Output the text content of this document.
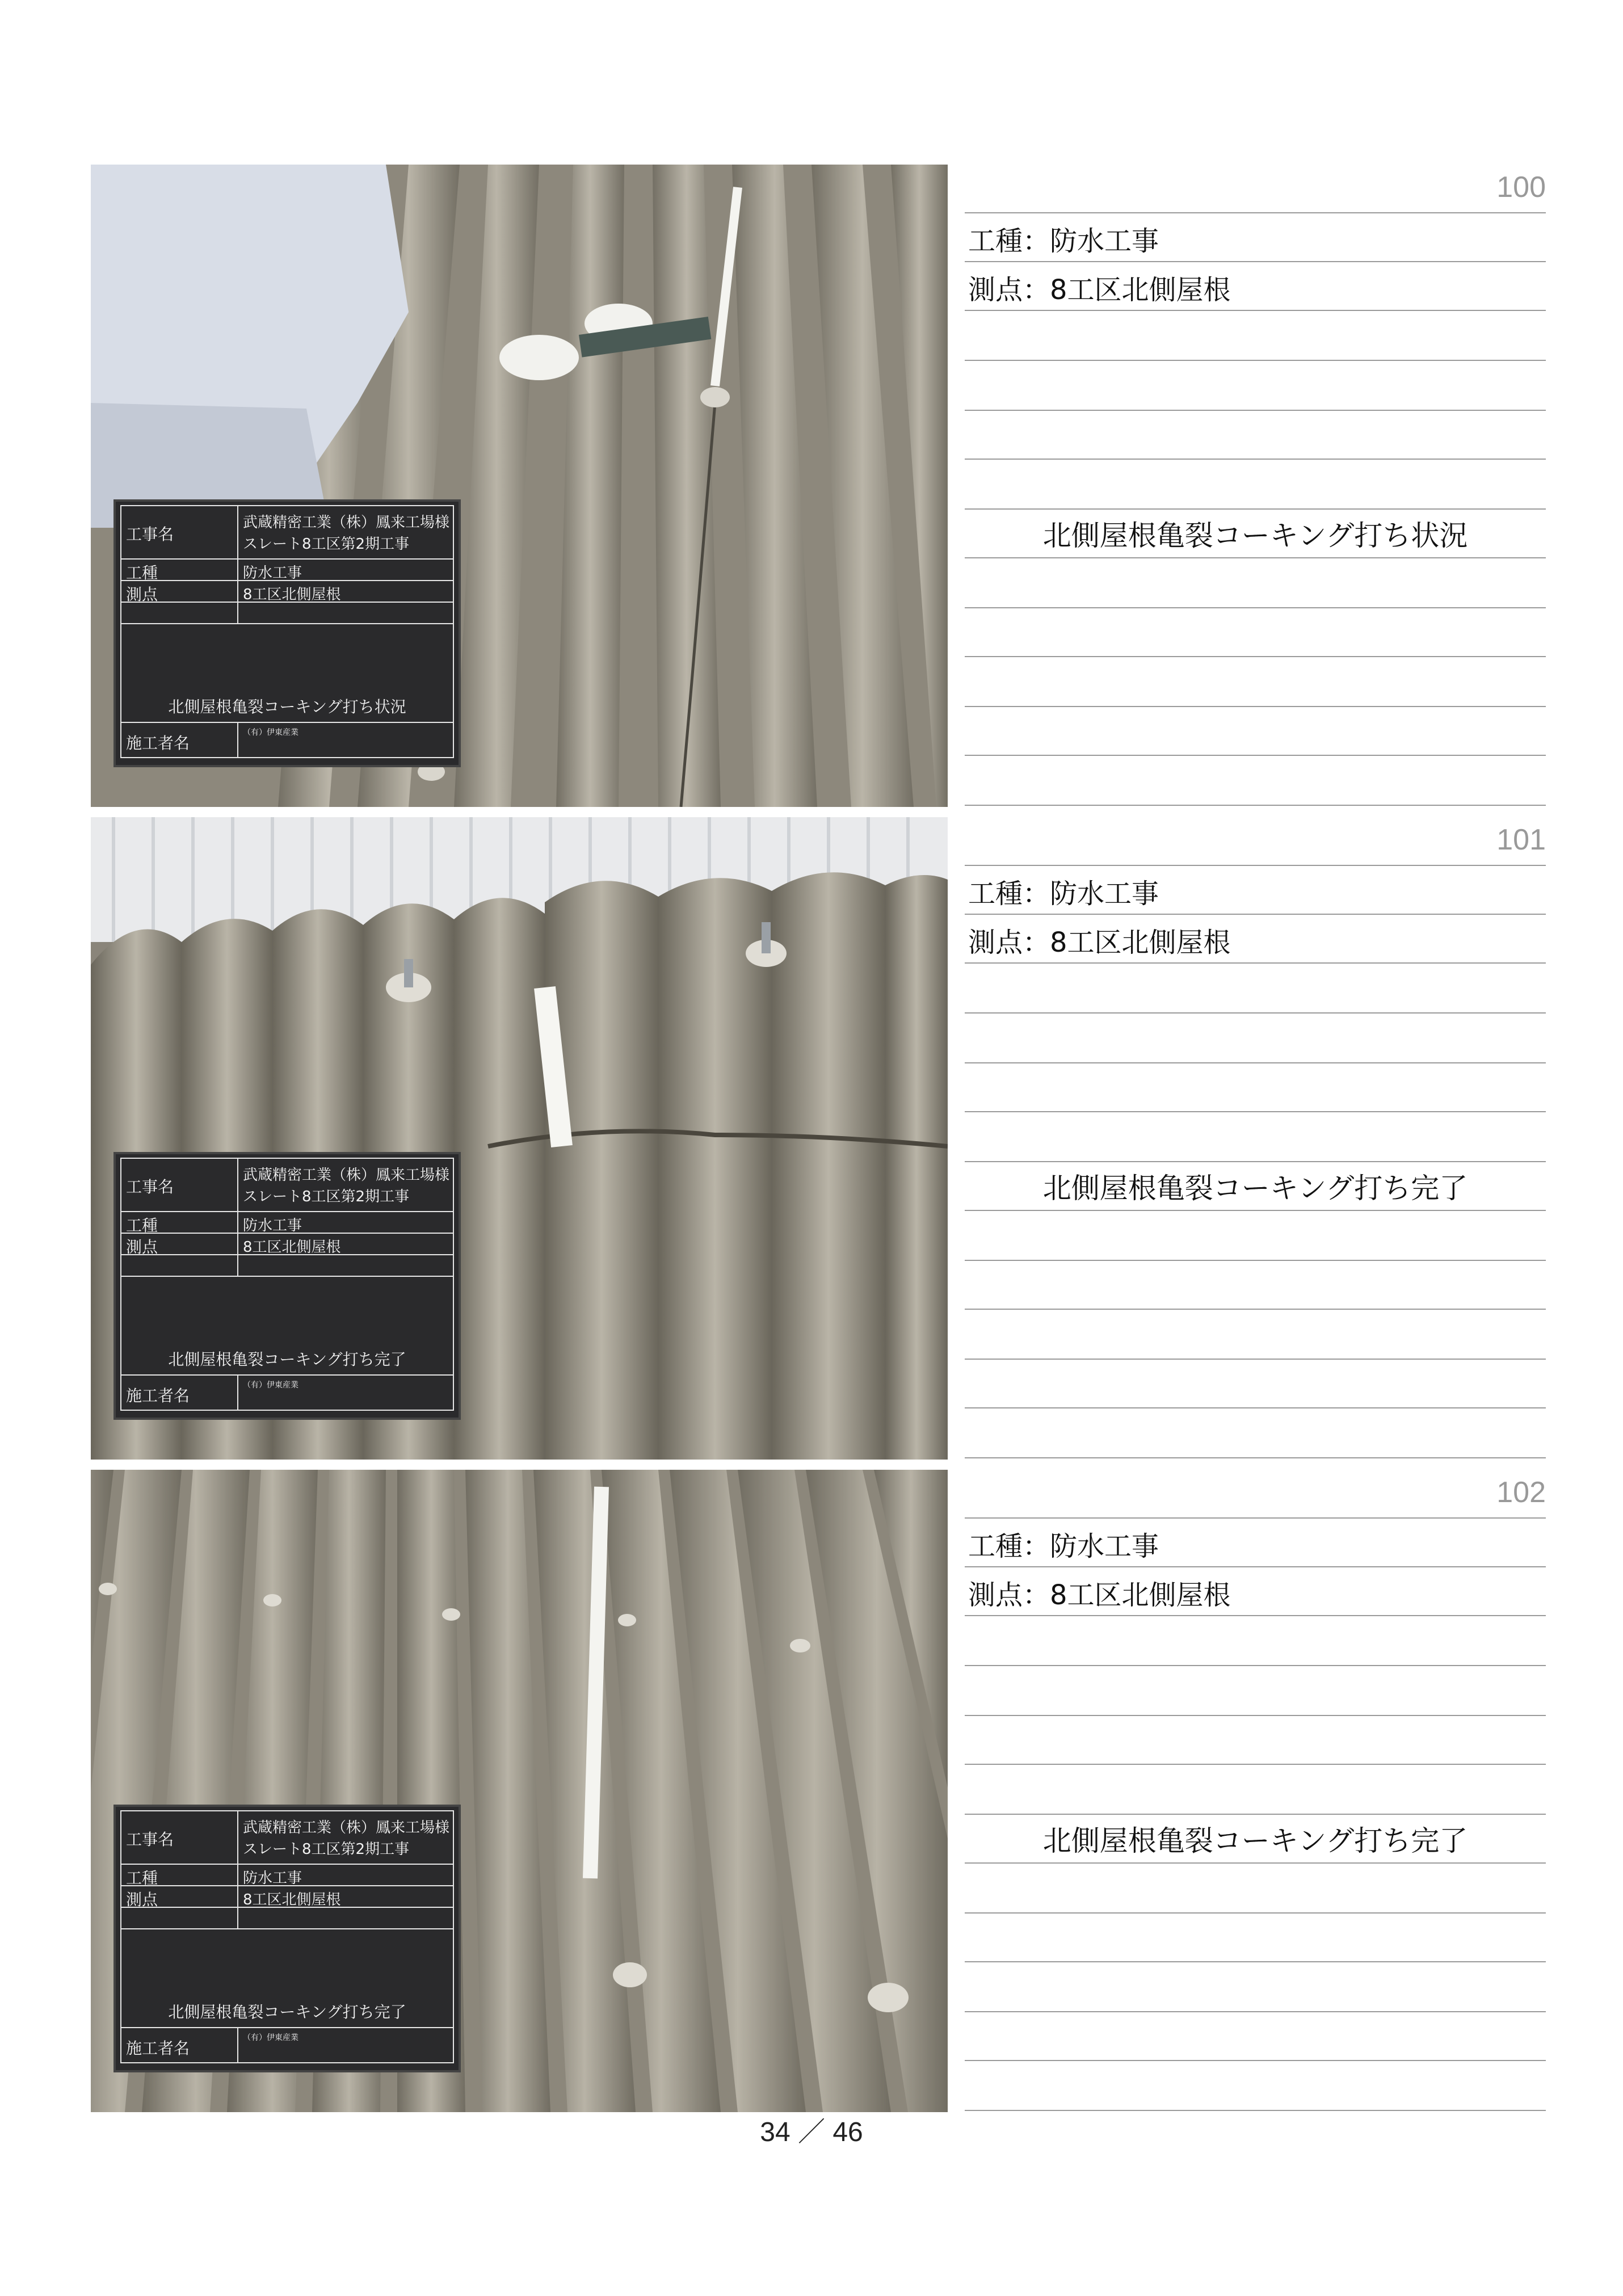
工事名
武蔵精密工業（株）鳳来工場様
スレート8工区第2期工事
工種	防水工事
測点	8工区北側屋根
北側屋根亀裂コーキング打ち状況
施工者名
（有）伊東産業
100
工種：防水工事
測点：8工区北側屋根
北側屋根亀裂コーキング打ち状況
工事名
武蔵精密工業（株）鳳来工場様
スレート8工区第2期工事
工種	防水工事
測点	8工区北側屋根
北側屋根亀裂コーキング打ち完了
施工者名
（有）伊東産業
101
工種：防水工事
測点：8工区北側屋根
北側屋根亀裂コーキング打ち完了
工事名
武蔵精密工業（株）鳳来工場様
スレート8工区第2期工事
工種	防水工事
測点	8工区北側屋根
北側屋根亀裂コーキング打ち完了
施工者名
（有）伊東産業
102
工種：防水工事
測点：8工区北側屋根
北側屋根亀裂コーキング打ち完了
34 ／ 46
